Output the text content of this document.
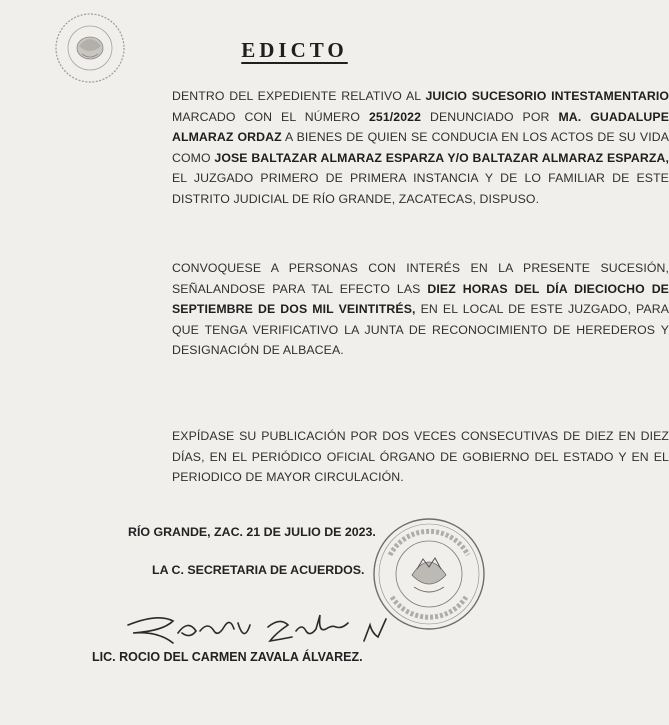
EDICTO

DENTRO DEL EXPEDIENTE RELATIVO AL JUICIO SUCESORIO INTESTAMENTARIO MARCADO CON EL NÚMERO 251/2022 DENUNCIADO POR MA. GUADALUPE ALMARAZ ORDAZ A BIENES DE QUIEN SE CONDUCIA EN LOS ACTOS DE SU VIDA COMO JOSE BALTAZAR ALMARAZ ESPARZA Y/O BALTAZAR ALMARAZ ESPARZA, EL JUZGADO PRIMERO DE PRIMERA INSTANCIA Y DE LO FAMILIAR DE ESTE DISTRITO JUDICIAL DE RÍO GRANDE, ZACATECAS, DISPUSO.

CONVOQUESE A PERSONAS CON INTERÉS EN LA PRESENTE SUCESIÓN, SEÑALANDOSE PARA TAL EFECTO LAS DIEZ HORAS DEL DÍA DIECIOCHO DE SEPTIEMBRE DE DOS MIL VEINTITRÉS, EN EL LOCAL DE ESTE JUZGADO, PARA QUE TENGA VERIFICATIVO LA JUNTA DE RECONOCIMIENTO DE HEREDEROS Y DESIGNACIÓN DE ALBACEA.

EXPÍDASE SU PUBLICACIÓN POR DOS VECES CONSECUTIVAS DE DIEZ EN DIEZ DÍAS, EN EL PERIÓDICO OFICIAL ÓRGANO DE GOBIERNO DEL ESTADO Y EN EL PERIODICO DE MAYOR CIRCULACIÓN.

RÍO GRANDE, ZAC. 21 DE JULIO DE 2023.
LA C. SECRETARIA DE ACUERDOS.
LIC. ROCIO DEL CARMEN ZAVALA ÁLVAREZ.
